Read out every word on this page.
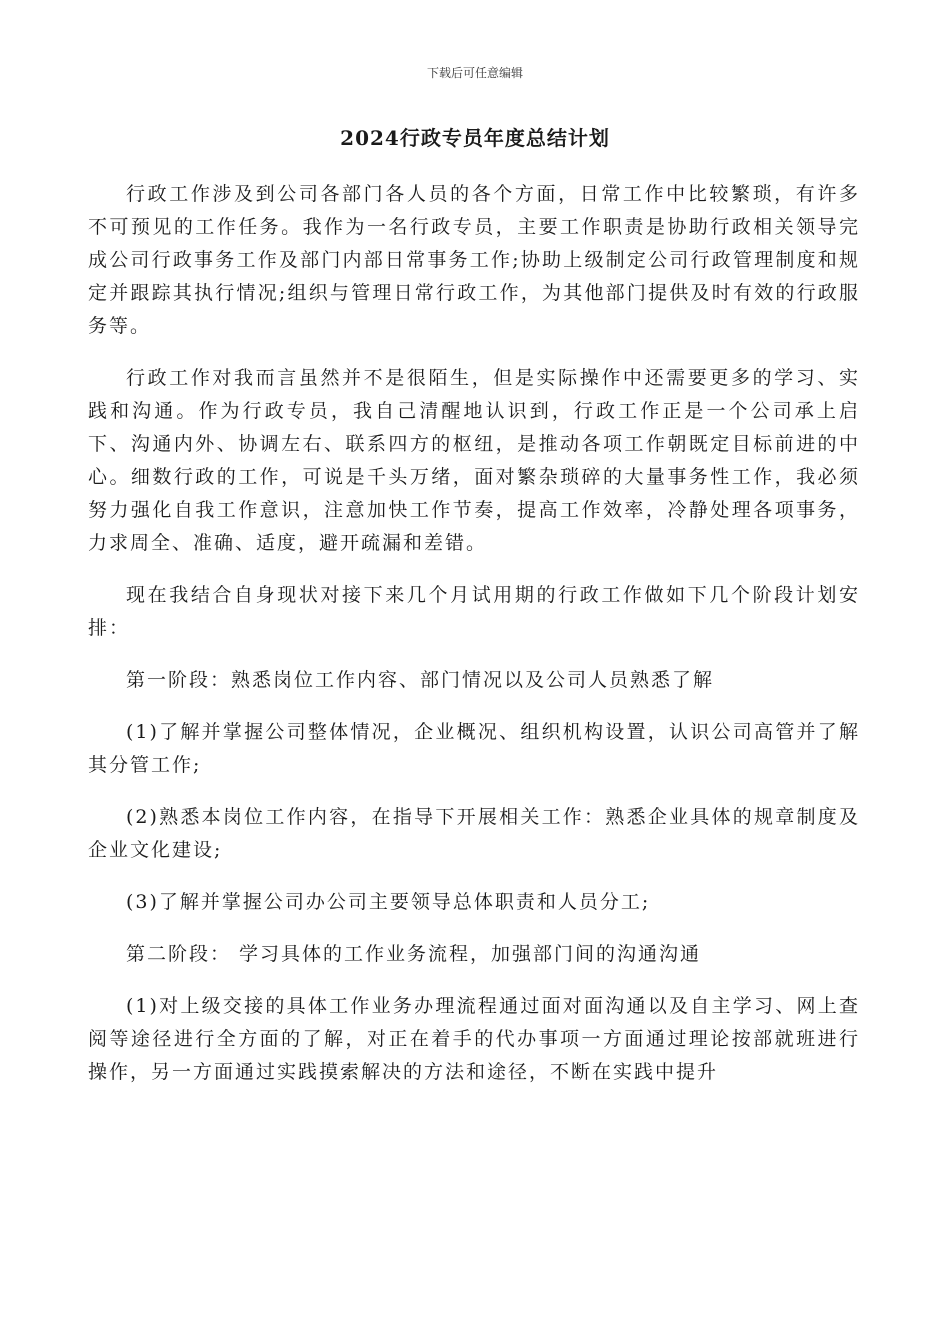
下载后可任意编辑
2024行政专员年度总结计划

行政工作涉及到公司各部门各人员的各个方面，日常工作中比较繁琐，有许多不可预见的工作任务。我作为一名行政专员，主要工作职责是协助行政相关领导完成公司行政事务工作及部门内部日常事务工作;协助上级制定公司行政管理制度和规定并跟踪其执行情况;组织与管理日常行政工作，为其他部门提供及时有效的行政服务等。

行政工作对我而言虽然并不是很陌生，但是实际操作中还需要更多的学习、实践和沟通。作为行政专员，我自己清醒地认识到，行政工作正是一个公司承上启下、沟通内外、协调左右、联系四方的枢纽，是推动各项工作朝既定目标前进的中心。细数行政的工作，可说是千头万绪，面对繁杂琐碎的大量事务性工作，我必须努力强化自我工作意识，注意加快工作节奏，提高工作效率，冷静处理各项事务，力求周全、准确、适度，避开疏漏和差错。

现在我结合自身现状对接下来几个月试用期的行政工作做如下几个阶段计划安排：

第一阶段：熟悉岗位工作内容、部门情况以及公司人员熟悉了解

(1)了解并掌握公司整体情况，企业概况、组织机构设置，认识公司高管并了解其分管工作;

(2)熟悉本岗位工作内容，在指导下开展相关工作：熟悉企业具体的规章制度及企业文化建设;

(3)了解并掌握公司办公司主要领导总体职责和人员分工;

第二阶段： 学习具体的工作业务流程，加强部门间的沟通沟通

(1)对上级交接的具体工作业务办理流程通过面对面沟通以及自主学习、网上查阅等途径进行全方面的了解，对正在着手的代办事项一方面通过理论按部就班进行操作，另一方面通过实践摸索解决的方法和途径，不断在实践中提升
